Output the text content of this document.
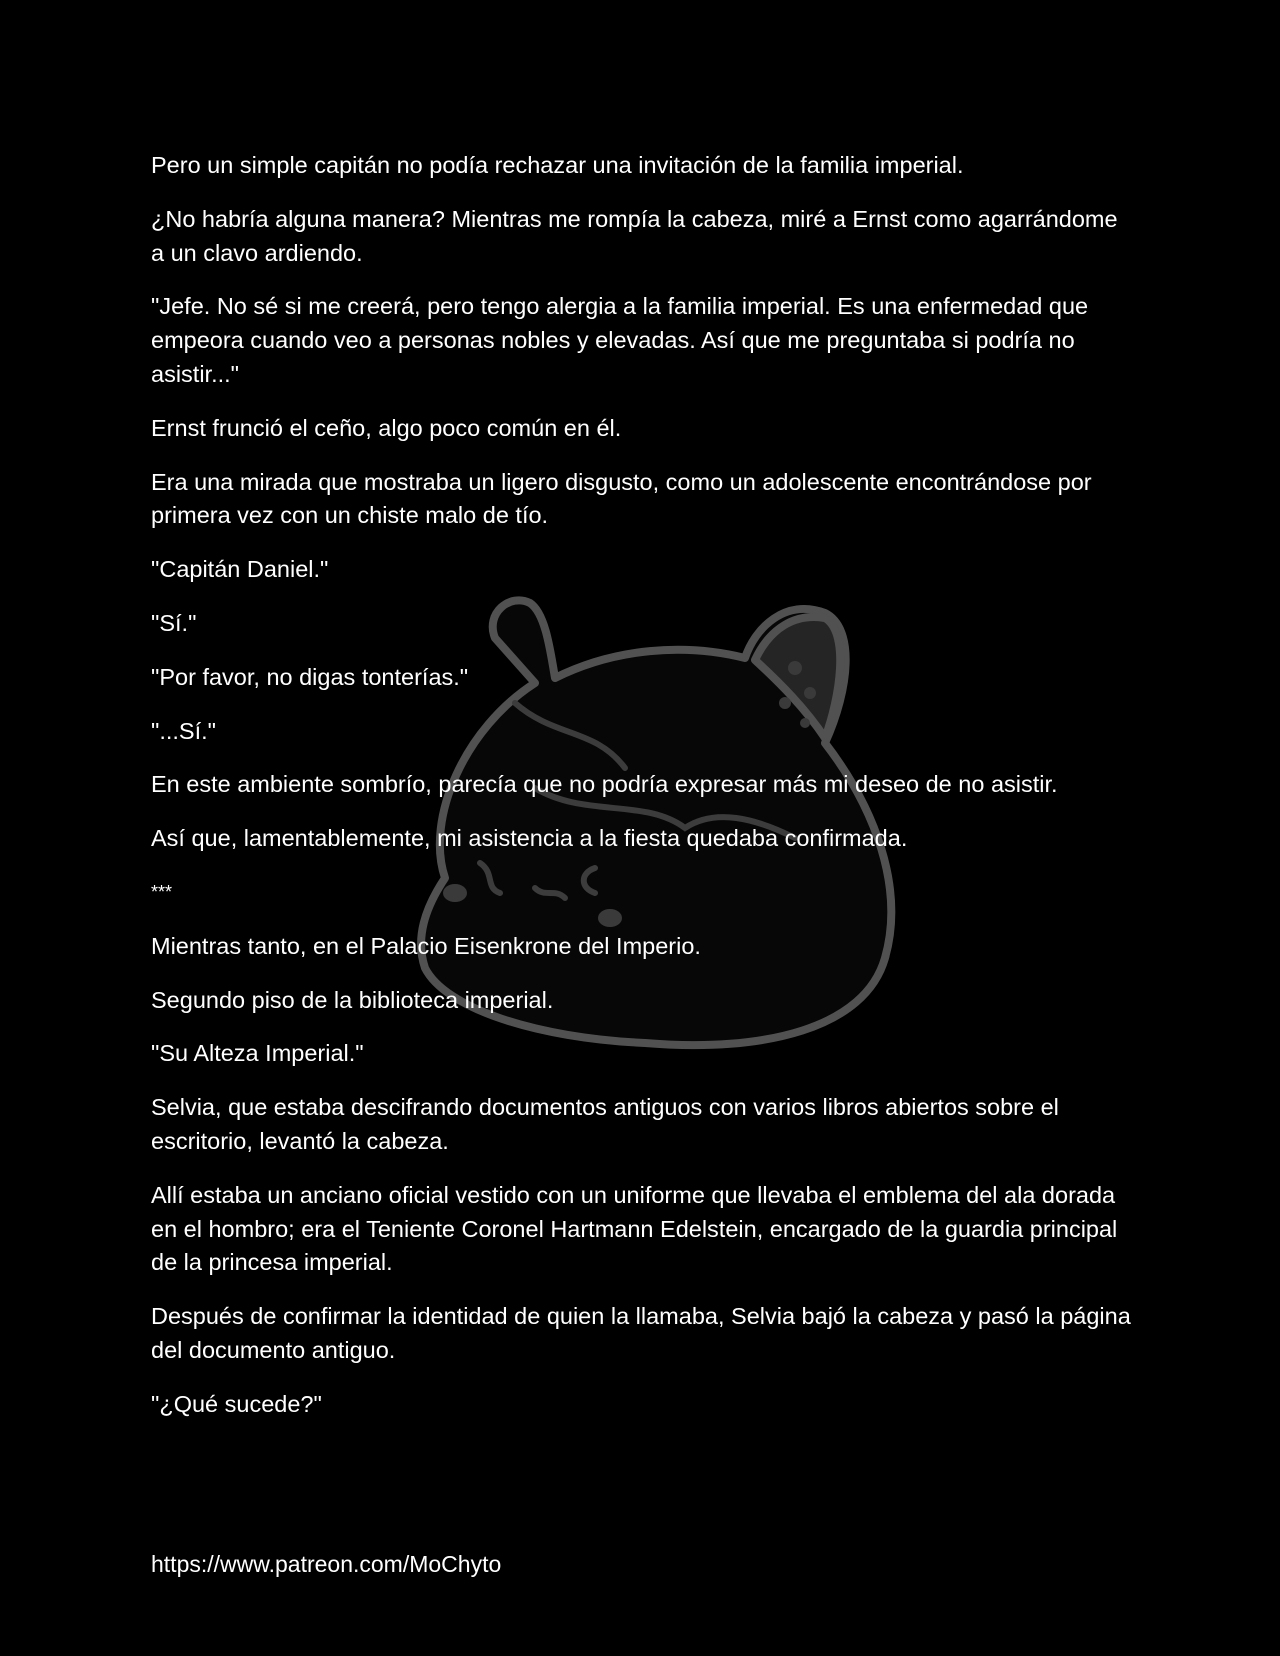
Pero un simple capitán no podía rechazar una invitación de la familia imperial.

¿No habría alguna manera? Mientras me rompía la cabeza, miré a Ernst como agarrándome a un clavo ardiendo.

"Jefe. No sé si me creerá, pero tengo alergia a la familia imperial. Es una enfermedad que empeora cuando veo a personas nobles y elevadas. Así que me preguntaba si podría no asistir..."

Ernst frunció el ceño, algo poco común en él.

Era una mirada que mostraba un ligero disgusto, como un adolescente encontrándose por primera vez con un chiste malo de tío.

"Capitán Daniel."

"Sí."

"Por favor, no digas tonterías."

"...Sí."

En este ambiente sombrío, parecía que no podría expresar más mi deseo de no asistir.

Así que, lamentablemente, mi asistencia a la fiesta quedaba confirmada.

***

Mientras tanto, en el Palacio Eisenkrone del Imperio.

Segundo piso de la biblioteca imperial.

"Su Alteza Imperial."

Selvia, que estaba descifrando documentos antiguos con varios libros abiertos sobre el escritorio, levantó la cabeza.

Allí estaba un anciano oficial vestido con un uniforme que llevaba el emblema del ala dorada en el hombro; era el Teniente Coronel Hartmann Edelstein, encargado de la guardia principal de la princesa imperial.

Después de confirmar la identidad de quien la llamaba, Selvia bajó la cabeza y pasó la página del documento antiguo.

"¿Qué sucede?"

https://www.patreon.com/MoChyto
